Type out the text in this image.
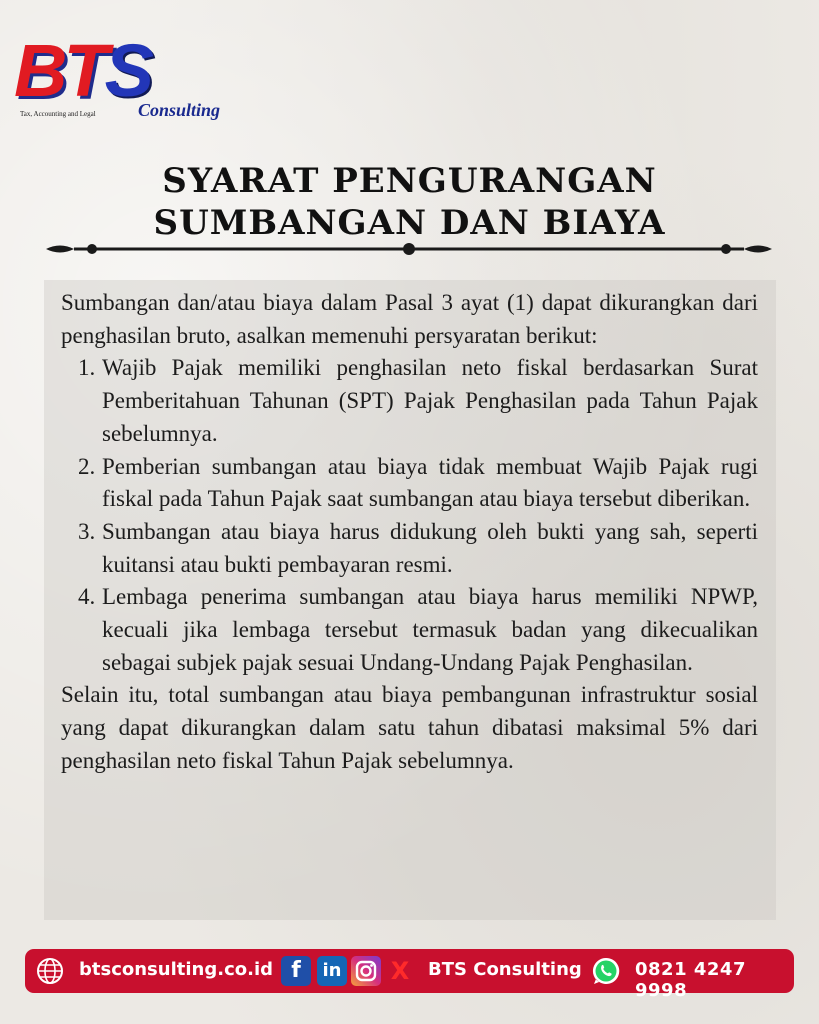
BTS
Consulting
Tax, Accounting and Legal
SYARAT PENGURANGAN
SUMBANGAN DAN BIAYA

Sumbangan dan/atau biaya dalam Pasal 3 ayat (1) dapat dikurangkan dari penghasilan bruto, asalkan memenuhi persyaratan berikut:

1. Wajib Pajak memiliki penghasilan neto fiskal berdasarkan Surat Pemberitahuan Tahunan (SPT) Pajak Penghasilan pada Tahun Pajak sebelumnya.
2. Pemberian sumbangan atau biaya tidak membuat Wajib Pajak rugi fiskal pada Tahun Pajak saat sumbangan atau biaya tersebut diberikan.
3. Sumbangan atau biaya harus didukung oleh bukti yang sah, seperti kuitansi atau bukti pembayaran resmi.
4. Lembaga penerima sumbangan atau biaya harus memiliki NPWP, kecuali jika lembaga tersebut termasuk badan yang dikecualikan sebagai subjek pajak sesuai Undang-Undang Pajak Penghasilan.

Selain itu, total sumbangan atau biaya pembangunan infrastruktur sosial yang dapat dikurangkan dalam satu tahun dibatasi maksimal 5% dari penghasilan neto fiskal Tahun Pajak sebelumnya.

btsconsulting.co.id f	in X	BTS Consulting	0821 4247 9998
